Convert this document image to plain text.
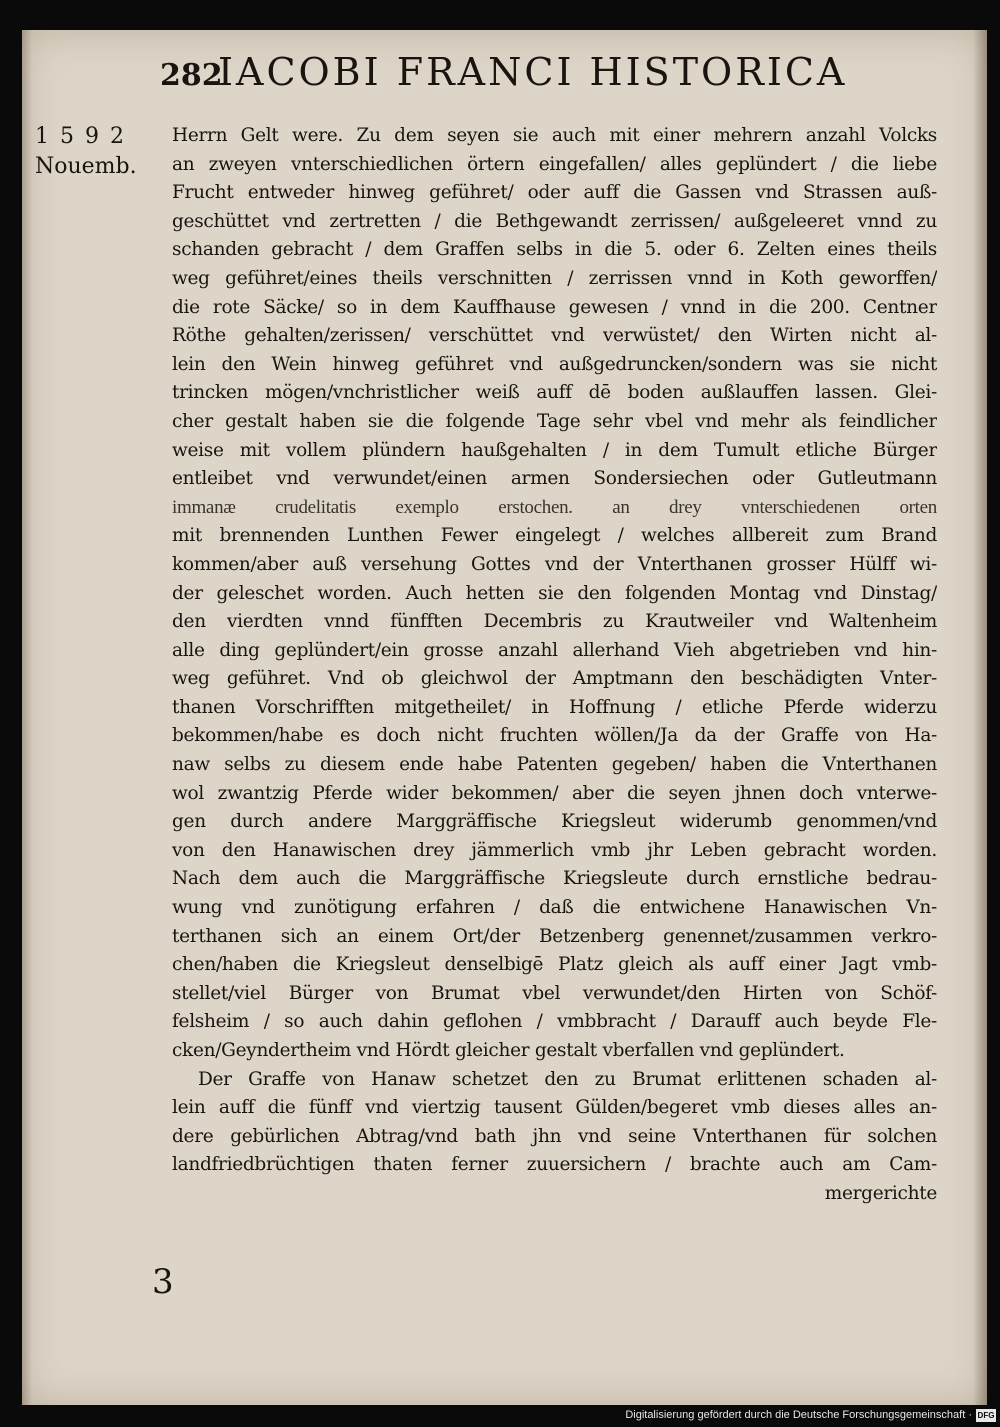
282
IACOBI FRANCI HISTORICA
1592
Nouemb.
Herrn Gelt were. Zu dem seyen sie auch mit einer mehrern anzahl Volcks
an zweyen vnterschiedlichen örtern eingefallen/ alles geplündert / die liebe
Frucht entweder hinweg geführet/ oder auff die Gassen vnd Strassen auß-
geschüttet vnd zertretten / die Bethgewandt zerrissen/ außgeleeret vnnd zu
schanden gebracht / dem Graffen selbs in die 5. oder 6. Zelten eines theils
weg geführet/eines theils verschnitten / zerrissen vnnd in Koth geworffen/
die rote Säcke/ so in dem Kauffhause gewesen / vnnd in die 200. Centner
Röthe gehalten/zerissen/ verschüttet vnd verwüstet/ den Wirten nicht al-
lein den Wein hinweg geführet vnd außgedruncken/sondern was sie nicht
trincken mögen/vnchristlicher weiß auff dē boden außlauffen lassen. Glei-
cher gestalt haben sie die folgende Tage sehr vbel vnd mehr als feindlicher
weise mit vollem plündern haußgehalten / in dem Tumult etliche Bürger
entleibet vnd verwundet/einen armen Sondersiechen oder Gutleutmann
immanæ crudelitatis exemplo erstochen. an drey vnterschiedenen orten
mit brennenden Lunthen Fewer eingelegt / welches allbereit zum Brand
kommen/aber auß versehung Gottes vnd der Vnterthanen grosser Hülff wi-
der geleschet worden. Auch hetten sie den folgenden Montag vnd Dinstag/
den vierdten vnnd fünfften Decembris zu Krautweiler vnd Waltenheim
alle ding geplündert/ein grosse anzahl allerhand Vieh abgetrieben vnd hin-
weg geführet. Vnd ob gleichwol der Amptmann den beschädigten Vnter-
thanen Vorschrifften mitgetheilet/ in Hoffnung / etliche Pferde widerzu
bekommen/habe es doch nicht fruchten wöllen/Ja da der Graffe von Ha-
naw selbs zu diesem ende habe Patenten gegeben/ haben die Vnterthanen
wol zwantzig Pferde wider bekommen/ aber die seyen jhnen doch vnterwe-
gen durch andere Marggräffische Kriegsleut widerumb genommen/vnd
von den Hanawischen drey jämmerlich vmb jhr Leben gebracht worden.
Nach dem auch die Marggräffische Kriegsleute durch ernstliche bedrau-
wung vnd zunötigung erfahren / daß die entwichene Hanawischen Vn-
terthanen sich an einem Ort/der Betzenberg genennet/zusammen verkro-
chen/haben die Kriegsleut denselbigē Platz gleich als auff einer Jagt vmb-
stellet/viel Bürger von Brumat vbel verwundet/den Hirten von Schöf-
felsheim / so auch dahin geflohen / vmbbracht / Darauff auch beyde Fle-
cken/Geyndertheim vnd Hördt gleicher gestalt vberfallen vnd geplündert.
Der Graffe von Hanaw schetzet den zu Brumat erlittenen schaden al-
lein auff die fünff vnd viertzig tausent Gülden/begeret vmb dieses alles an-
dere gebürlichen Abtrag/vnd bath jhn vnd seine Vnterthanen für solchen
landfriedbrüchtigen thaten ferner zuuersichern / brachte auch am Cam-
mergerichte
3
Digitalisierung gefördert durch die Deutsche Forschungsgemeinschaft · DFG
